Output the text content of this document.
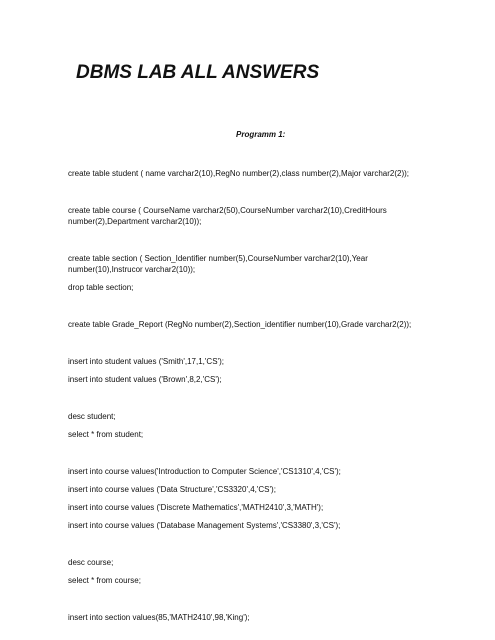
DBMS LAB ALL ANSWERS
Programm 1:
create table student ( name varchar2(10),RegNo number(2),class number(2),Major varchar2(2));
create table course ( CourseName varchar2(50),CourseNumber varchar2(10),CreditHours
number(2),Department varchar2(10));
create table section ( Section_Identifier number(5),CourseNumber varchar2(10),Year
number(10),Instrucor varchar2(10));
drop table section;
create table Grade_Report (RegNo number(2),Section_identifier number(10),Grade varchar2(2));
insert into student values ('Smith',17,1,'CS');
insert into student values ('Brown',8,2,'CS');
desc student;
select * from student;
insert into course values('Introduction to Computer Science','CS1310',4,'CS');
insert into course values ('Data Structure','CS3320',4,'CS');
insert into course values ('Discrete Mathematics','MATH2410',3,'MATH');
insert into course values ('Database Management Systems','CS3380',3,'CS');
desc course;
select * from course;
insert into section values(85,'MATH2410',98,'King');
